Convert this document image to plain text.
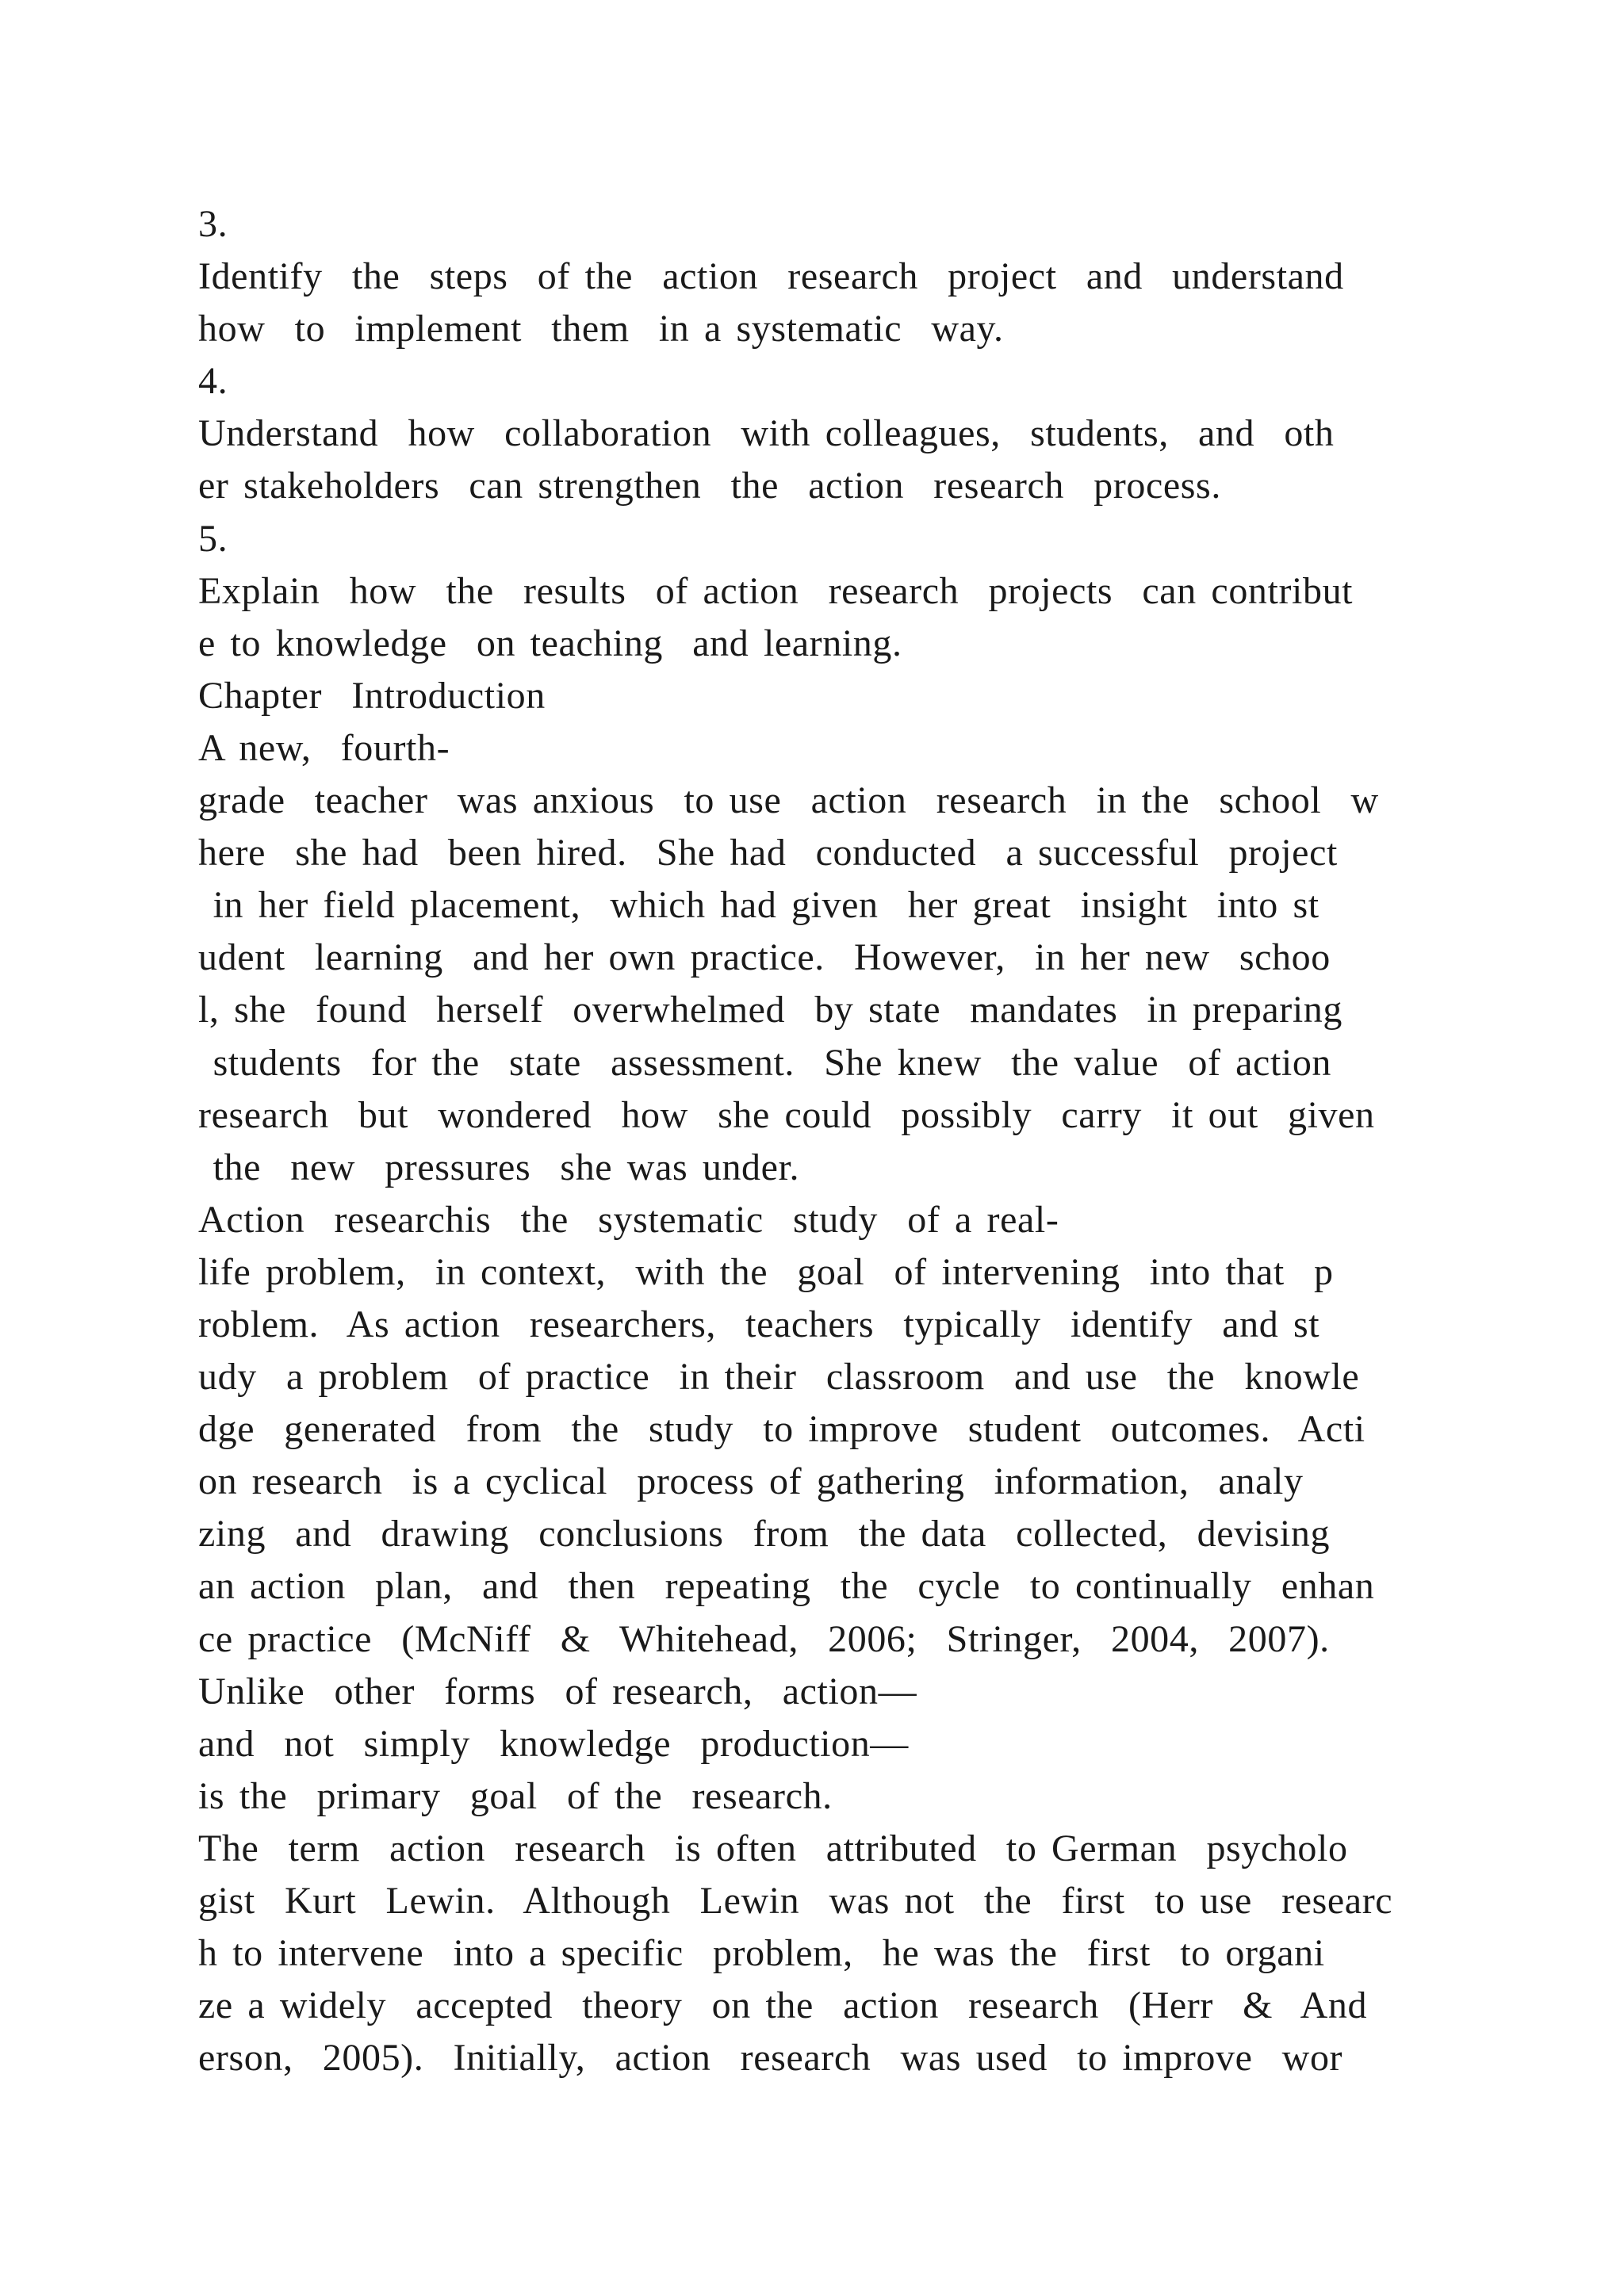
3.
Identify  the  steps  of the  action  research  project  and  understand
how  to  implement  them  in a systematic  way.
4.
Understand  how  collaboration  with colleagues,  students,  and  oth
er stakeholders  can strengthen  the  action  research  process.
5.
Explain  how  the  results  of action  research  projects  can contribut
e to knowledge  on teaching  and learning.
Chapter  Introduction
A new,  fourth-
grade  teacher  was anxious  to use  action  research  in the  school  w
here  she had  been hired.  She had  conducted  a successful  project
in her field placement,  which had given  her great  insight  into st
udent  learning  and her own practice.  However,  in her new  schoo
l, she  found  herself  overwhelmed  by state  mandates  in preparing
students  for the  state  assessment.  She knew  the value  of action
research  but  wondered  how  she could  possibly  carry  it out  given
the  new  pressures  she was under.
Action  researchis  the  systematic  study  of a real-
life problem,  in context,  with the  goal  of intervening  into that  p
roblem.  As action  researchers,  teachers  typically  identify  and st
udy  a problem  of practice  in their  classroom  and use  the  knowle
dge  generated  from  the  study  to improve  student  outcomes.  Acti
on research  is a cyclical  process of gathering  information,  analy
zing  and  drawing  conclusions  from  the data  collected,  devising
an action  plan,  and  then  repeating  the  cycle  to continually  enhan
ce practice  (McNiff  &  Whitehead,  2006;  Stringer,  2004,  2007).
Unlike  other  forms  of research,  action—
and  not  simply  knowledge  production—
is the  primary  goal  of the  research.
The  term  action  research  is often  attributed  to German  psycholo
gist  Kurt  Lewin.  Although  Lewin  was not  the  first  to use  researc
h to intervene  into a specific  problem,  he was the  first  to organi
ze a widely  accepted  theory  on the  action  research  (Herr  &  And
erson,  2005).  Initially,  action  research  was used  to improve  wor
